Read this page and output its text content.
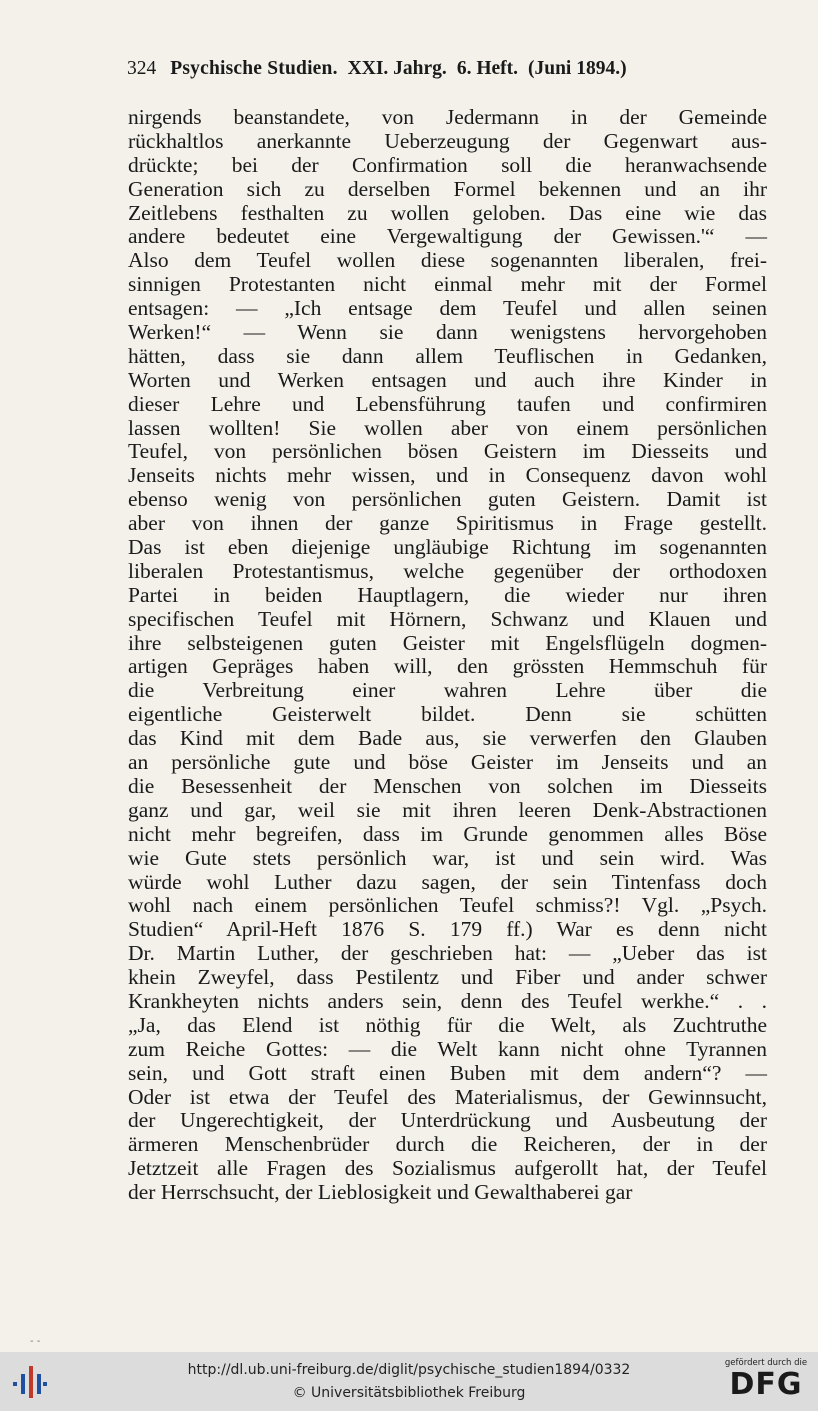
324 Psychische Studien. XXI. Jahrg. 6. Heft. (Juni 1894.)
nirgends beanstandete, von Jedermann in der Gemeinde
rückhaltlos anerkannte Ueberzeugung der Gegenwart aus-
drückte; bei der Confirmation soll die heranwachsende
Generation sich zu derselben Formel bekennen und an ihr
Zeitlebens festhalten zu wollen geloben. Das eine wie das
andere bedeutet eine Vergewaltigung der Gewissen.'“ —
Also dem Teufel wollen diese sogenannten liberalen, frei-
sinnigen Protestanten nicht einmal mehr mit der Formel
entsagen: — „Ich entsage dem Teufel und allen seinen
Werken!“ — Wenn sie dann wenigstens hervorgehoben
hätten, dass sie dann allem Teuflischen in Gedanken,
Worten und Werken entsagen und auch ihre Kinder in
dieser Lehre und Lebensführung taufen und confirmiren
lassen wollten! Sie wollen aber von einem persönlichen
Teufel, von persönlichen bösen Geistern im Diesseits und
Jenseits nichts mehr wissen, und in Consequenz davon wohl
ebenso wenig von persönlichen guten Geistern. Damit ist
aber von ihnen der ganze Spiritismus in Frage gestellt.
Das ist eben diejenige ungläubige Richtung im sogenannten
liberalen Protestantismus, welche gegenüber der orthodoxen
Partei in beiden Hauptlagern, die wieder nur ihren
specifischen Teufel mit Hörnern, Schwanz und Klauen und
ihre selbsteigenen guten Geister mit Engelsflügeln dogmen-
artigen Gepräges haben will, den grössten Hemmschuh für
die Verbreitung einer wahren Lehre über die
eigentliche Geisterwelt bildet. Denn sie schütten
das Kind mit dem Bade aus, sie verwerfen den Glauben
an persönliche gute und böse Geister im Jenseits und an
die Besessenheit der Menschen von solchen im Diesseits
ganz und gar, weil sie mit ihren leeren Denk-Abstractionen
nicht mehr begreifen, dass im Grunde genommen alles Böse
wie Gute stets persönlich war, ist und sein wird. Was
würde wohl Luther dazu sagen, der sein Tintenfass doch
wohl nach einem persönlichen Teufel schmiss?! Vgl. „Psych.
Studien“ April-Heft 1876 S. 179 ff.) War es denn nicht
Dr. Martin Luther, der geschrieben hat: — „Ueber das ist
khein Zweyfel, dass Pestilentz und Fiber und ander schwer
Krankheyten nichts anders sein, denn des Teufel werkhe.“ . .
„Ja, das Elend ist nöthig für die Welt, als Zuchtruthe
zum Reiche Gottes: — die Welt kann nicht ohne Tyrannen
sein, und Gott straft einen Buben mit dem andern“? —
Oder ist etwa der Teufel des Materialismus, der Gewinnsucht,
der Ungerechtigkeit, der Unterdrückung und Ausbeutung der
ärmeren Menschenbrüder durch die Reicheren, der in der
Jetztzeit alle Fragen des Sozialismus aufgerollt hat, der Teufel
der Herrschsucht, der Lieblosigkeit und Gewalthaberei gar
- -
http://dl.ub.uni-freiburg.de/diglit/psychische_studien1894/0332
© Universitätsbibliothek Freiburg
gefördert durch die
DFG
